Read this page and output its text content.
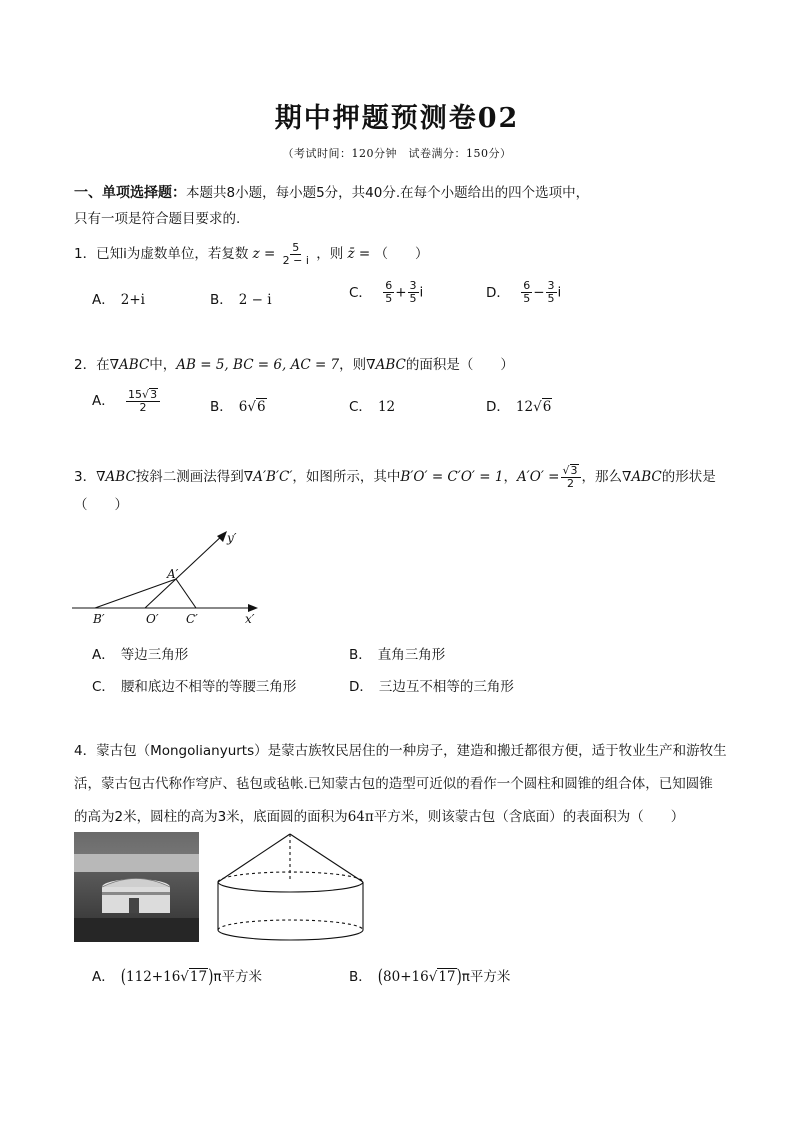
期中押题预测卷02
（考试时间：120分钟　试卷满分：150分）
一、单项选择题：本题共8小题，每小题5分，共40分.在每个小题给出的四个选项中，
只有一项是符合题目要求的.
1．已知i为虚数单位，若复数 $z = \frac{5}{2 - i}$ ，则 z̄ = （　　）
A． 2+i	B． 2 − i	C． $\frac{6}{5} + \frac{3}{5}$ i	D． $\frac{6}{5} - \frac{3}{5}$ i
2．在∇ABC中，AB = 5, BC = 6, AC = 7，则∇ABC的面积是（　　）
A． $\frac{15√3}{2}$	B． 6√6	C． 12	D． 12√6
3．∇ABC按斜二测画法得到∇A′B′C′，如图所示，其中B′O′ = C′O′ = 1，$A'O' = \frac{√3}{2}$ ，那么∇ABC的形状是
（　　）
y′
x′
A′
B′	O′ C′
A． 等边三角形	B． 直角三角形
C． 腰和底边不相等的等腰三角形	D． 三边互不相等的三角形
4．蒙古包（Mongolianyurts）是蒙古族牧民居住的一种房子，建造和搬迁都很方便，适于牧业生产和游牧生
活，蒙古包古代称作穹庐、毡包或毡帐.已知蒙古包的造型可近似的看作一个圆柱和圆锥的组合体，已知圆锥
的高为2米，圆柱的高为3米，底面圆的面积为64π平方米，则该蒙古包（含底面）的表面积为（　　）
A． (112+16√17)π平方米	B． (80+16√17)π平方米
